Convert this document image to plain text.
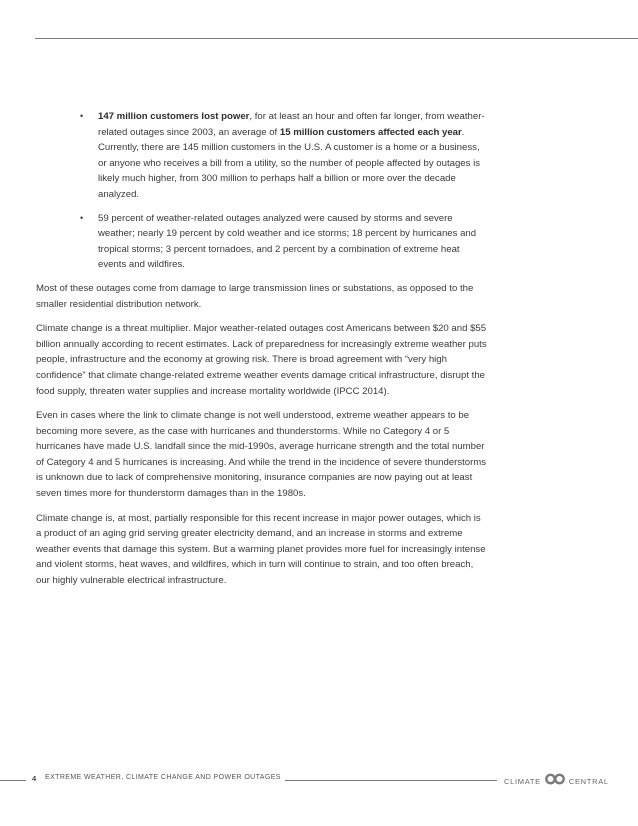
• 147 million customers lost power, for at least an hour and often far longer, from weather-related outages since 2003, an average of 15 million customers affected each year. Currently, there are 145 million customers in the U.S. A customer is a home or a business, or anyone who receives a bill from a utility, so the number of people affected by outages is likely much higher, from 300 million to perhaps half a billion or more over the decade analyzed.
• 59 percent of weather-related outages analyzed were caused by storms and severe weather; nearly 19 percent by cold weather and ice storms; 18 percent by hurricanes and tropical storms; 3 percent tornadoes, and 2 percent by a combination of extreme heat events and wildfires.

Most of these outages come from damage to large transmission lines or substations, as opposed to the smaller residential distribution network.

Climate change is a threat multiplier. Major weather-related outages cost Americans between $20 and $55 billion annually according to recent estimates. Lack of preparedness for increasingly extreme weather puts people, infrastructure and the economy at growing risk. There is broad agreement with “very high confidence” that climate change-related extreme weather events damage critical infrastructure, disrupt the food supply, threaten water supplies and increase mortality worldwide (IPCC 2014).

Even in cases where the link to climate change is not well understood, extreme weather appears to be becoming more severe, as the case with hurricanes and thunderstorms. While no Category 4 or 5 hurricanes have made U.S. landfall since the mid-1990s, average hurricane strength and the total number of Category 4 and 5 hurricanes is increasing. And while the trend in the incidence of severe thunderstorms is unknown due to lack of comprehensive monitoring, insurance companies are now paying out at least seven times more for thunderstorm damages than in the 1980s.

Climate change is, at most, partially responsible for this recent increase in major power outages, which is a product of an aging grid serving greater electricity demand, and an increase in storms and extreme weather events that damage this system. But a warming planet provides more fuel for increasingly intense and violent storms, heat waves, and wildfires, which in turn will continue to strain, and too often breach, our highly vulnerable electrical infrastructure.

4 EXTREME WEATHER, CLIMATE CHANGE AND POWER OUTAGES	CLIMATE	CENTRAL
